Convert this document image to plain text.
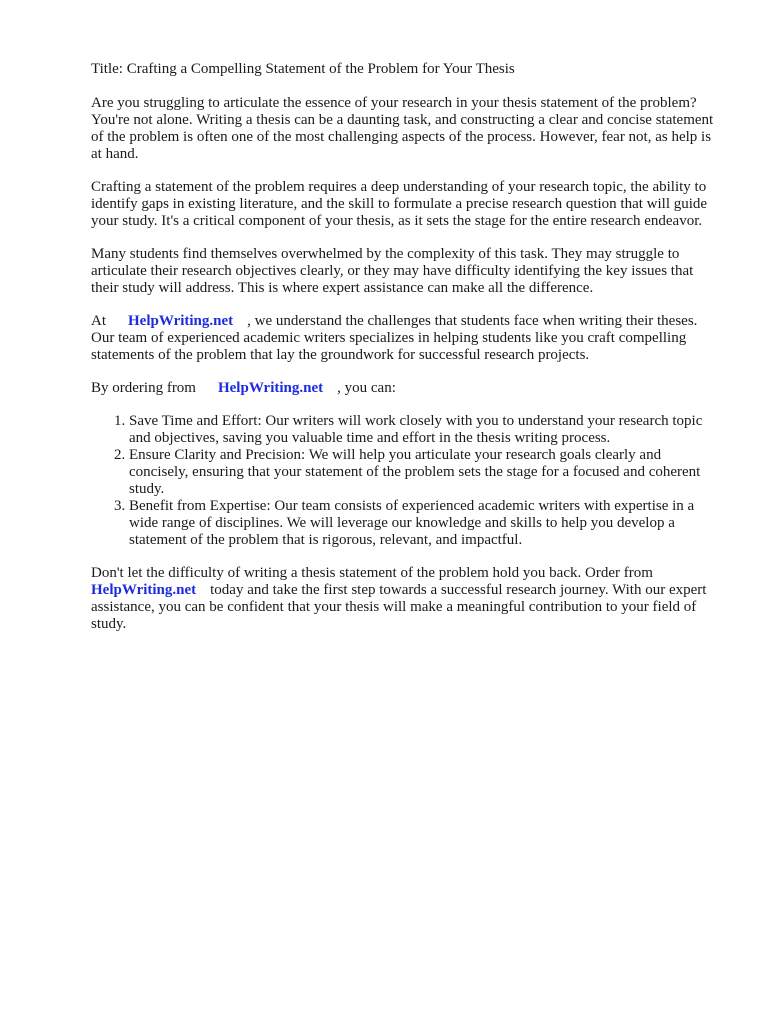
Title: Crafting a Compelling Statement of the Problem for Your Thesis

Are you struggling to articulate the essence of your research in your thesis statement of the problem? You're not alone. Writing a thesis can be a daunting task, and constructing a clear and concise statement of the problem is often one of the most challenging aspects of the process. However, fear not, as help is at hand.

Crafting a statement of the problem requires a deep understanding of your research topic, the ability to identify gaps in existing literature, and the skill to formulate a precise research question that will guide your study. It's a critical component of your thesis, as it sets the stage for the entire research endeavor.

Many students find themselves overwhelmed by the complexity of this task. They may struggle to articulate their research objectives clearly, or they may have difficulty identifying the key issues that their study will address. This is where expert assistance can make all the difference.

At HelpWriting.net , we understand the challenges that students face when writing their theses. Our team of experienced academic writers specializes in helping students like you craft compelling statements of the problem that lay the groundwork for successful research projects.

By ordering from HelpWriting.net , you can:

1. Save Time and Effort: Our writers will work closely with you to understand your research topic and objectives, saving you valuable time and effort in the thesis writing process.
2. Ensure Clarity and Precision: We will help you articulate your research goals clearly and concisely, ensuring that your statement of the problem sets the stage for a focused and coherent study.
3. Benefit from Expertise: Our team consists of experienced academic writers with expertise in a wide range of disciplines. We will leverage our knowledge and skills to help you develop a statement of the problem that is rigorous, relevant, and impactful.

Don't let the difficulty of writing a thesis statement of the problem hold you back. Order from HelpWriting.net today and take the first step towards a successful research journey. With our expert assistance, you can be confident that your thesis will make a meaningful contribution to your field of study.
